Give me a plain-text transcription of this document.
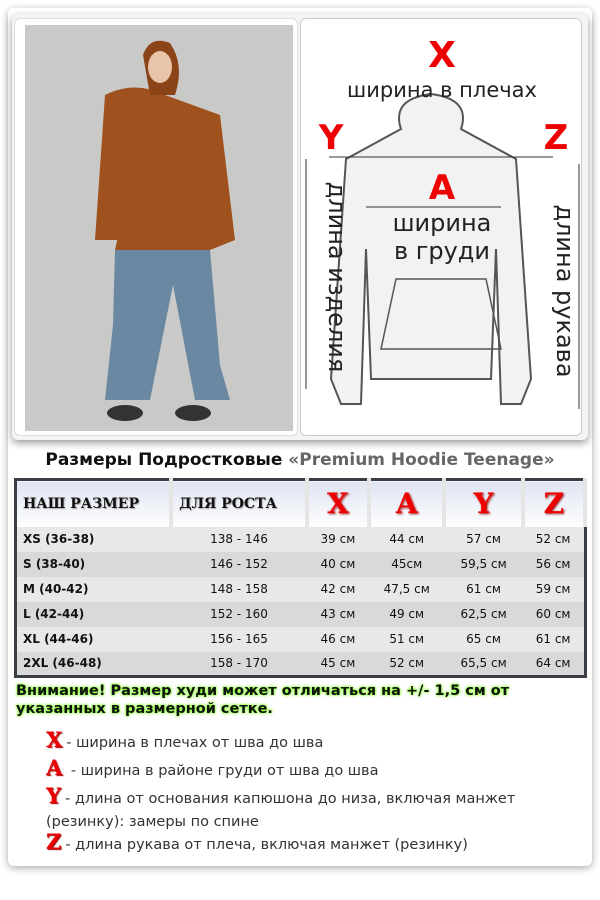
X
ширина в плечах
Y	Z
A
ширина
в груди
длина изделия	длина рукава
Размеры Подростковые «Premium Hoodie Teenage»
НАШ РАЗМЕР	ДЛЯ РОСТА	X	A	Y	Z
XS (36-38)	138 - 146	39 см	44 см	57 см	52 см
S (38-40)	146 - 152	40 см	45см	59,5 см	56 см
M (40-42)	148 - 158	42 см	47,5 см	61 см	59 см
L (42-44)	152 - 160	43 см	49 см	62,5 см	60 см
XL (44-46)	156 - 165	46 см	51 см	65 см	61 см
2XL (46-48)	158 - 170	45 см	52 см	65,5 см	64 см
Внимание! Размер худи может отличаться на +/- 1,5 см от указанных в размерной сетке.
X - ширина в плечах от шва до шва
A - ширина в районе груди от шва до шва
Y - длина от основания капюшона до низа, включая манжет (резинку): замеры по спине
Z - длина рукава от плеча, включая манжет (резинку)
